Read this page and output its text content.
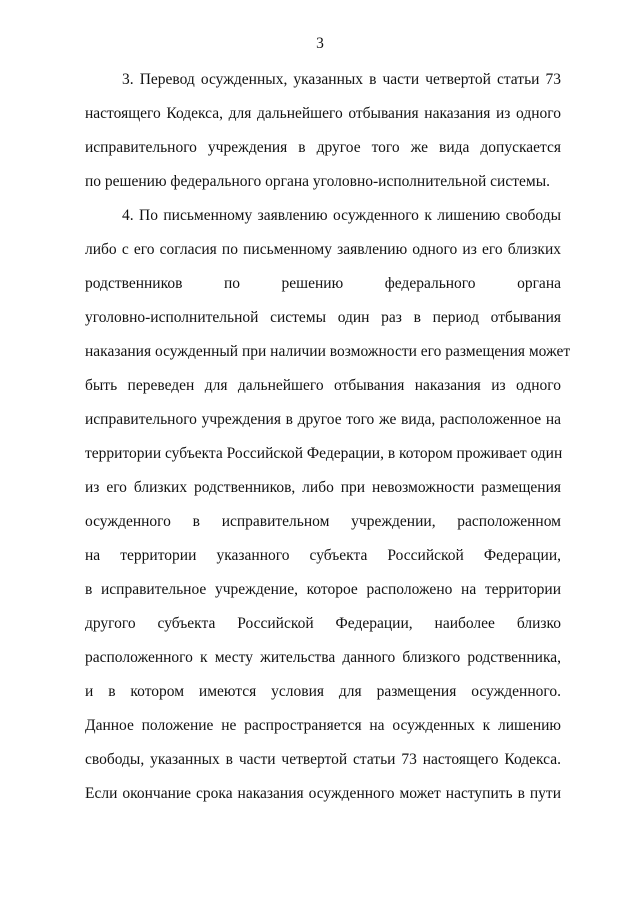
3
3. Перевод осужденных, указанных в части четвертой статьи 73
настоящего Кодекса, для дальнейшего отбывания наказания из одного
исправительного учреждения в другое того же вида допускается
по решению федерального органа уголовно-исполнительной системы.
4. По письменному заявлению осужденного к лишению свободы
либо с его согласия по письменному заявлению одного из его близких
родственников по решению федерального органа
уголовно-исполнительной системы один раз в период отбывания
наказания осужденный при наличии возможности его размещения может
быть переведен для дальнейшего отбывания наказания из одного
исправительного учреждения в другое того же вида, расположенное на
территории субъекта Российской Федерации, в котором проживает один
из его близких родственников, либо при невозможности размещения
осужденного в исправительном учреждении, расположенном
на территории указанного субъекта Российской Федерации,
в исправительное учреждение, которое расположено на территории
другого субъекта Российской Федерации, наиболее близко
расположенного к месту жительства данного близкого родственника,
и в котором имеются условия для размещения осужденного.
Данное положение не распространяется на осужденных к лишению
свободы, указанных в части четвертой статьи 73 настоящего Кодекса.
Если окончание срока наказания осужденного может наступить в пути
